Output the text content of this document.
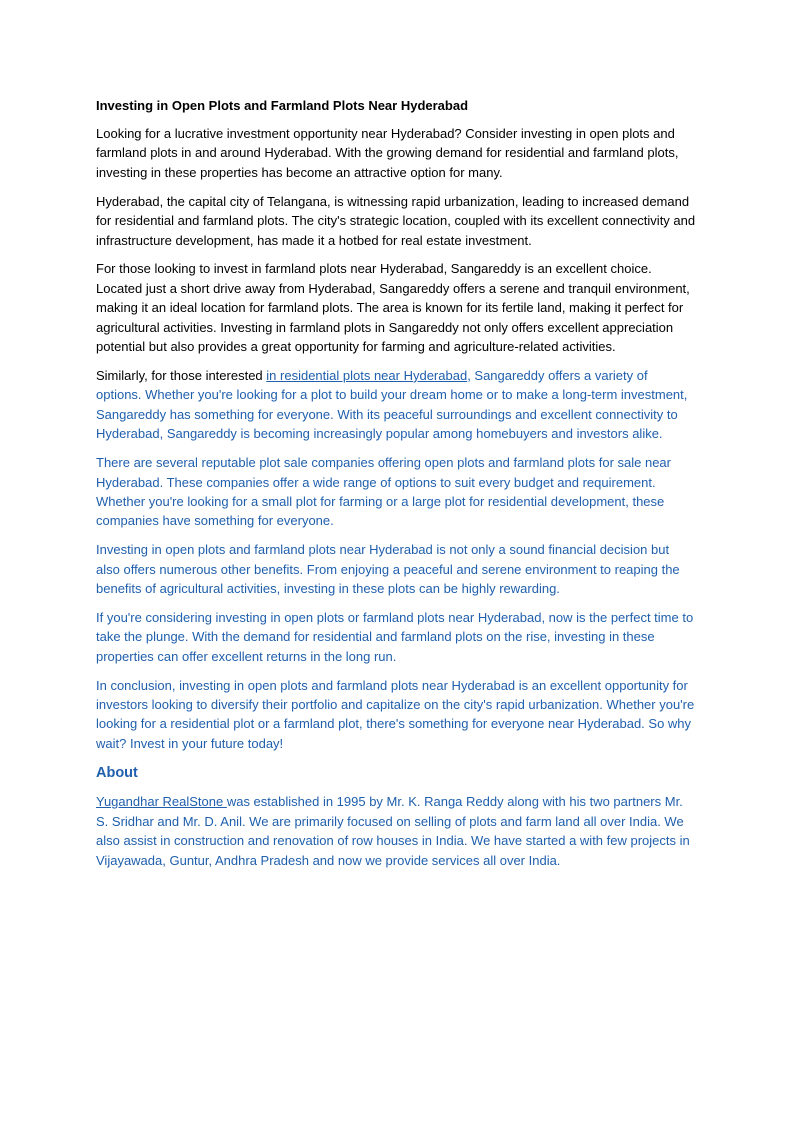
Investing in Open Plots and Farmland Plots Near Hyderabad

Looking for a lucrative investment opportunity near Hyderabad? Consider investing in open plots and farmland plots in and around Hyderabad. With the growing demand for residential and farmland plots, investing in these properties has become an attractive option for many.

Hyderabad, the capital city of Telangana, is witnessing rapid urbanization, leading to increased demand for residential and farmland plots. The city's strategic location, coupled with its excellent connectivity and infrastructure development, has made it a hotbed for real estate investment.

For those looking to invest in farmland plots near Hyderabad, Sangareddy is an excellent choice. Located just a short drive away from Hyderabad, Sangareddy offers a serene and tranquil environment, making it an ideal location for farmland plots. The area is known for its fertile land, making it perfect for agricultural activities. Investing in farmland plots in Sangareddy not only offers excellent appreciation potential but also provides a great opportunity for farming and agriculture-related activities.

Similarly, for those interested in residential plots near Hyderabad, Sangareddy offers a variety of options. Whether you're looking for a plot to build your dream home or to make a long-term investment, Sangareddy has something for everyone. With its peaceful surroundings and excellent connectivity to Hyderabad, Sangareddy is becoming increasingly popular among homebuyers and investors alike.

There are several reputable plot sale companies offering open plots and farmland plots for sale near Hyderabad. These companies offer a wide range of options to suit every budget and requirement. Whether you're looking for a small plot for farming or a large plot for residential development, these companies have something for everyone.

Investing in open plots and farmland plots near Hyderabad is not only a sound financial decision but also offers numerous other benefits. From enjoying a peaceful and serene environment to reaping the benefits of agricultural activities, investing in these plots can be highly rewarding.

If you're considering investing in open plots or farmland plots near Hyderabad, now is the perfect time to take the plunge. With the demand for residential and farmland plots on the rise, investing in these properties can offer excellent returns in the long run.

In conclusion, investing in open plots and farmland plots near Hyderabad is an excellent opportunity for investors looking to diversify their portfolio and capitalize on the city's rapid urbanization. Whether you're looking for a residential plot or a farmland plot, there's something for everyone near Hyderabad. So why wait? Invest in your future today!

About

Yugandhar RealStone was established in 1995 by Mr. K. Ranga Reddy along with his two partners Mr. S. Sridhar and Mr. D. Anil. We are primarily focused on selling of plots and farm land all over India. We also assist in construction and renovation of row houses in India. We have started a with few projects in Vijayawada, Guntur, Andhra Pradesh and now we provide services all over India.
